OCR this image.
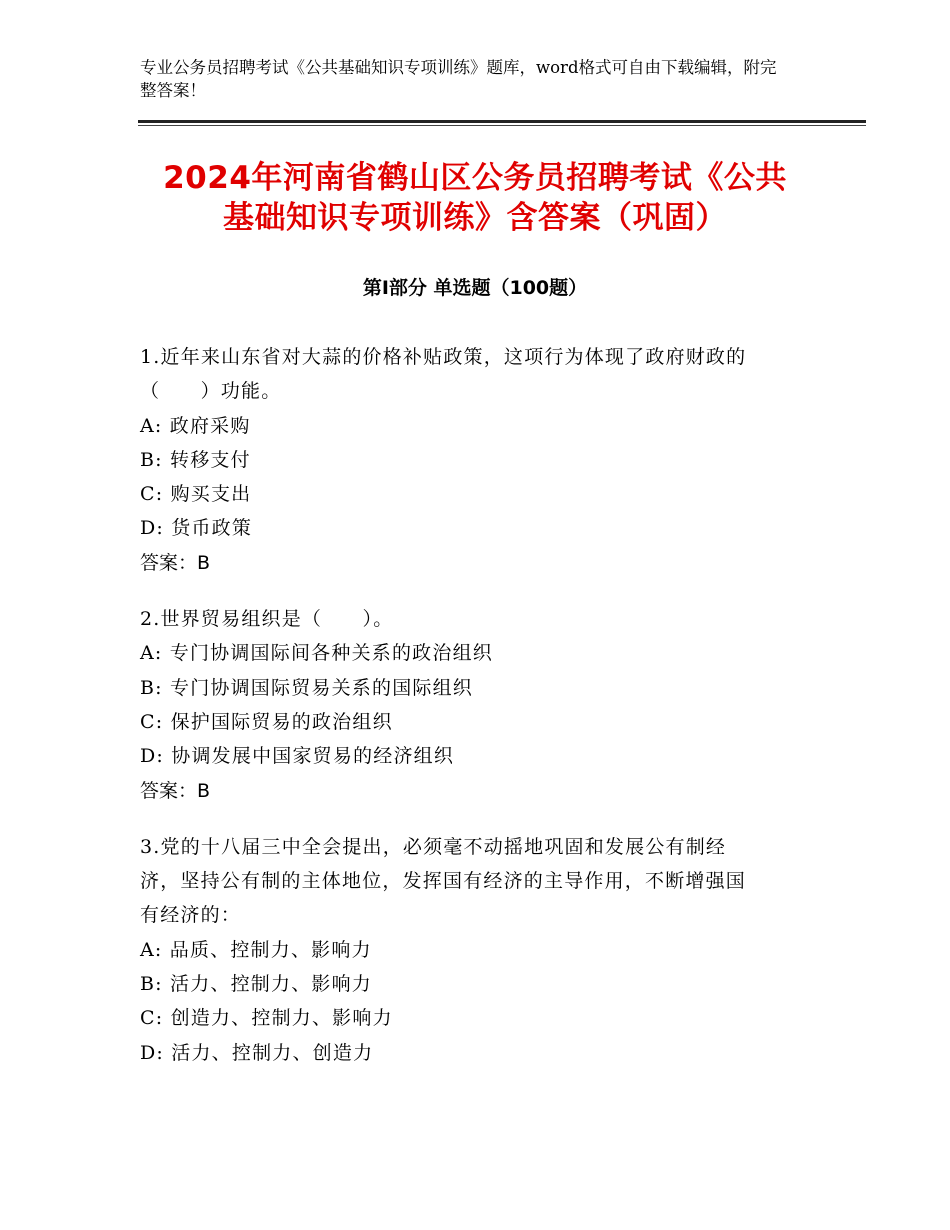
专业公务员招聘考试《公共基础知识专项训练》题库，word格式可自由下载编辑，附完整答案！
2024年河南省鹤山区公务员招聘考试《公共
基础知识专项训练》含答案（巩固）
第Ⅰ部分 单选题（100题）
1.近年来山东省对大蒜的价格补贴政策，这项行为体现了政府财政的
（　　）功能。
A: 政府采购
B: 转移支付
C: 购买支出
D: 货币政策
答案：B
2.世界贸易组织是（　　）。
A: 专门协调国际间各种关系的政治组织
B: 专门协调国际贸易关系的国际组织
C: 保护国际贸易的政治组织
D: 协调发展中国家贸易的经济组织
答案：B
3.党的十八届三中全会提出，必须毫不动摇地巩固和发展公有制经
济，坚持公有制的主体地位，发挥国有经济的主导作用，不断增强国
有经济的：
A: 品质、控制力、影响力
B: 活力、控制力、影响力
C: 创造力、控制力、影响力
D: 活力、控制力、创造力
